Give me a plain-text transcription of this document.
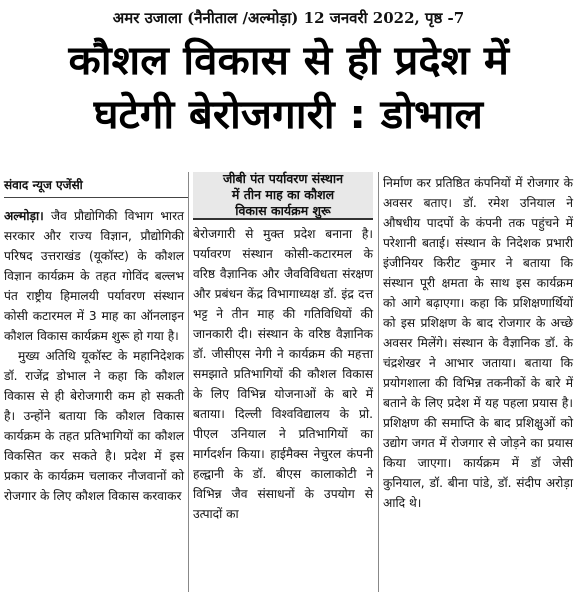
अमर उजाला (नैनीताल /अल्मोड़ा) 12 जनवरी 2022, पृष्ठ -7
कौशल विकास से ही प्रदेश में
घटेगी बेरोजगारी : डोभाल
संवाद न्यूज एजेंसी

अल्मोड़ा। जैव प्रौद्योगिकी विभाग भारत सरकार और राज्य विज्ञान, प्रौद्योगिकी परिषद उत्तराखंड (यूकॉस्ट) के कौशल विज्ञान कार्यक्रम के तहत गोविंद बल्लभ पंत राष्ट्रीय हिमालयी पर्यावरण संस्थान कोसी कटारमल में 3 माह का ऑनलाइन कौशल विकास कार्यक्रम शुरू हो गया है।

मुख्य अतिथि यूकॉस्ट के महानिदेशक डॉ. राजेंद्र डोभाल ने कहा कि कौशल विकास से ही बेरोजगारी कम हो सकती है। उन्होंने बताया कि कौशल विकास कार्यक्रम के तहत प्रतिभागियों का कौशल विकसित कर सकते है। प्रदेश में इस प्रकार के कार्यक्रम चलाकर नौजवानों को रोजगार के लिए कौशल विकास करवाकर

जीबी पंत पर्यावरण संस्थान
में तीन माह का कौशल
विकास कार्यक्रम शुरू

बेरोजगारी से मुक्त प्रदेश बनाना है। पर्यावरण संस्थान कोसी-कटारमल के वरिष्ठ वैज्ञानिक और जैवविविधता संरक्षण और प्रबंधन केंद्र विभागाध्यक्ष डॉ. इंद्र दत्त भट्ट ने तीन माह की गतिविधियों की जानकारी दी। संस्थान के वरिष्ठ वैज्ञानिक डॉ. जीसीएस नेगी ने कार्यक्रम की महत्ता समझाते प्रतिभागियों की कौशल विकास के लिए विभिन्न योजनाओं के बारे में बताया। दिल्ली विश्वविद्यालय के प्रो. पीएल उनियाल ने प्रतिभागियों का मार्गदर्शन किया। हाईमैक्स नेचुरल कंपनी हल्द्वानी के डॉ. बीएस कालाकोटी ने विभिन्न जैव संसाधनों के उपयोग से उत्पादों का

निर्माण कर प्रतिष्ठित कंपनियों में रोजगार के अवसर बताए। डॉ. रमेश उनियाल ने औषधीय पादपों के कंपनी तक पहुंचने में परेशानी बताई। संस्थान के निदेशक प्रभारी इंजीनियर किरीट कुमार ने बताया कि संस्थान पूरी क्षमता के साथ इस कार्यक्रम को आगे बढ़ाएगा। कहा कि प्रशिक्षणार्थियों को इस प्रशिक्षण के बाद रोजगार के अच्छे अवसर मिलेंगे। संस्थान के वैज्ञानिक डॉ. के चंद्रशेखर ने आभार जताया। बताया कि प्रयोगशाला की विभिन्न तकनीकों के बारे में बताने के लिए प्रदेश में यह पहला प्रयास है। प्रशिक्षण की समाप्ति के बाद प्रशिक्षुओं को उद्योग जगत में रोजगार से जोड़ने का प्रयास किया जाएगा। कार्यक्रम में डॉ जेसी कुनियाल, डॉ. बीना पांडे, डॉ. संदीप अरोड़ा आदि थे।
